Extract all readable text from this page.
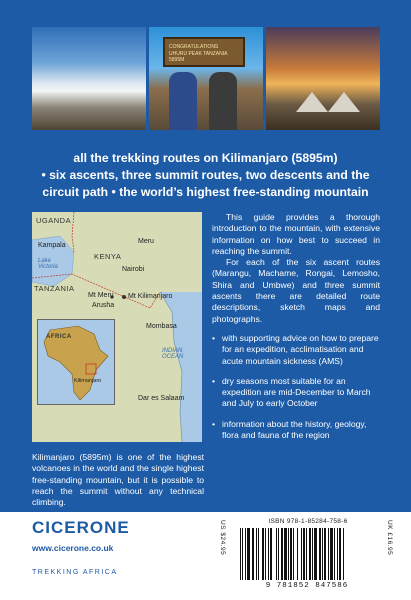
CONGRATULATIONS
UHURU PEAK TANZANIA 5895M
all the trekking routes on Kilimanjaro (5895m)
• six ascents, three summit routes, two descents and the
circuit path • the world’s highest free-standing mountain
UGANDA
Kampala
Lake Victoria
Meru
KENYA
Nairobi
TANZANIA
Mt Meru Mt Kilimanjaro
Arusha
Mombasa
INDIAN OCEAN
Dar es Salaam
AFRICA
Kilimanjaro
Kilimanjaro (5895m) is one of the highest volcanoes in the world and the single highest free-standing mountain, but it is possible to reach the summit without any technical climbing.

This guide provides a thorough introduction to the mountain, with extensive information on how best to succeed in reaching the summit.

For each of the six ascent routes (Marangu, Machame, Rongai, Lemosho, Shira and Umbwe) and three summit ascents there are detailed route descriptions, sketch maps and photographs.

• with supporting advice on how to prepare for an expedition, acclimatisation and acute mountain sickness (AMS)
• dry seasons most suitable for an expedition are mid-December to March and July to early October
• information about the history, geology, flora and fauna of the region
CICERONE
www.cicerone.co.uk
TREKKING AFRICA
US $24.95	ISBN 978-1-85284-758-6
9 781852 847586
UK £16.95
